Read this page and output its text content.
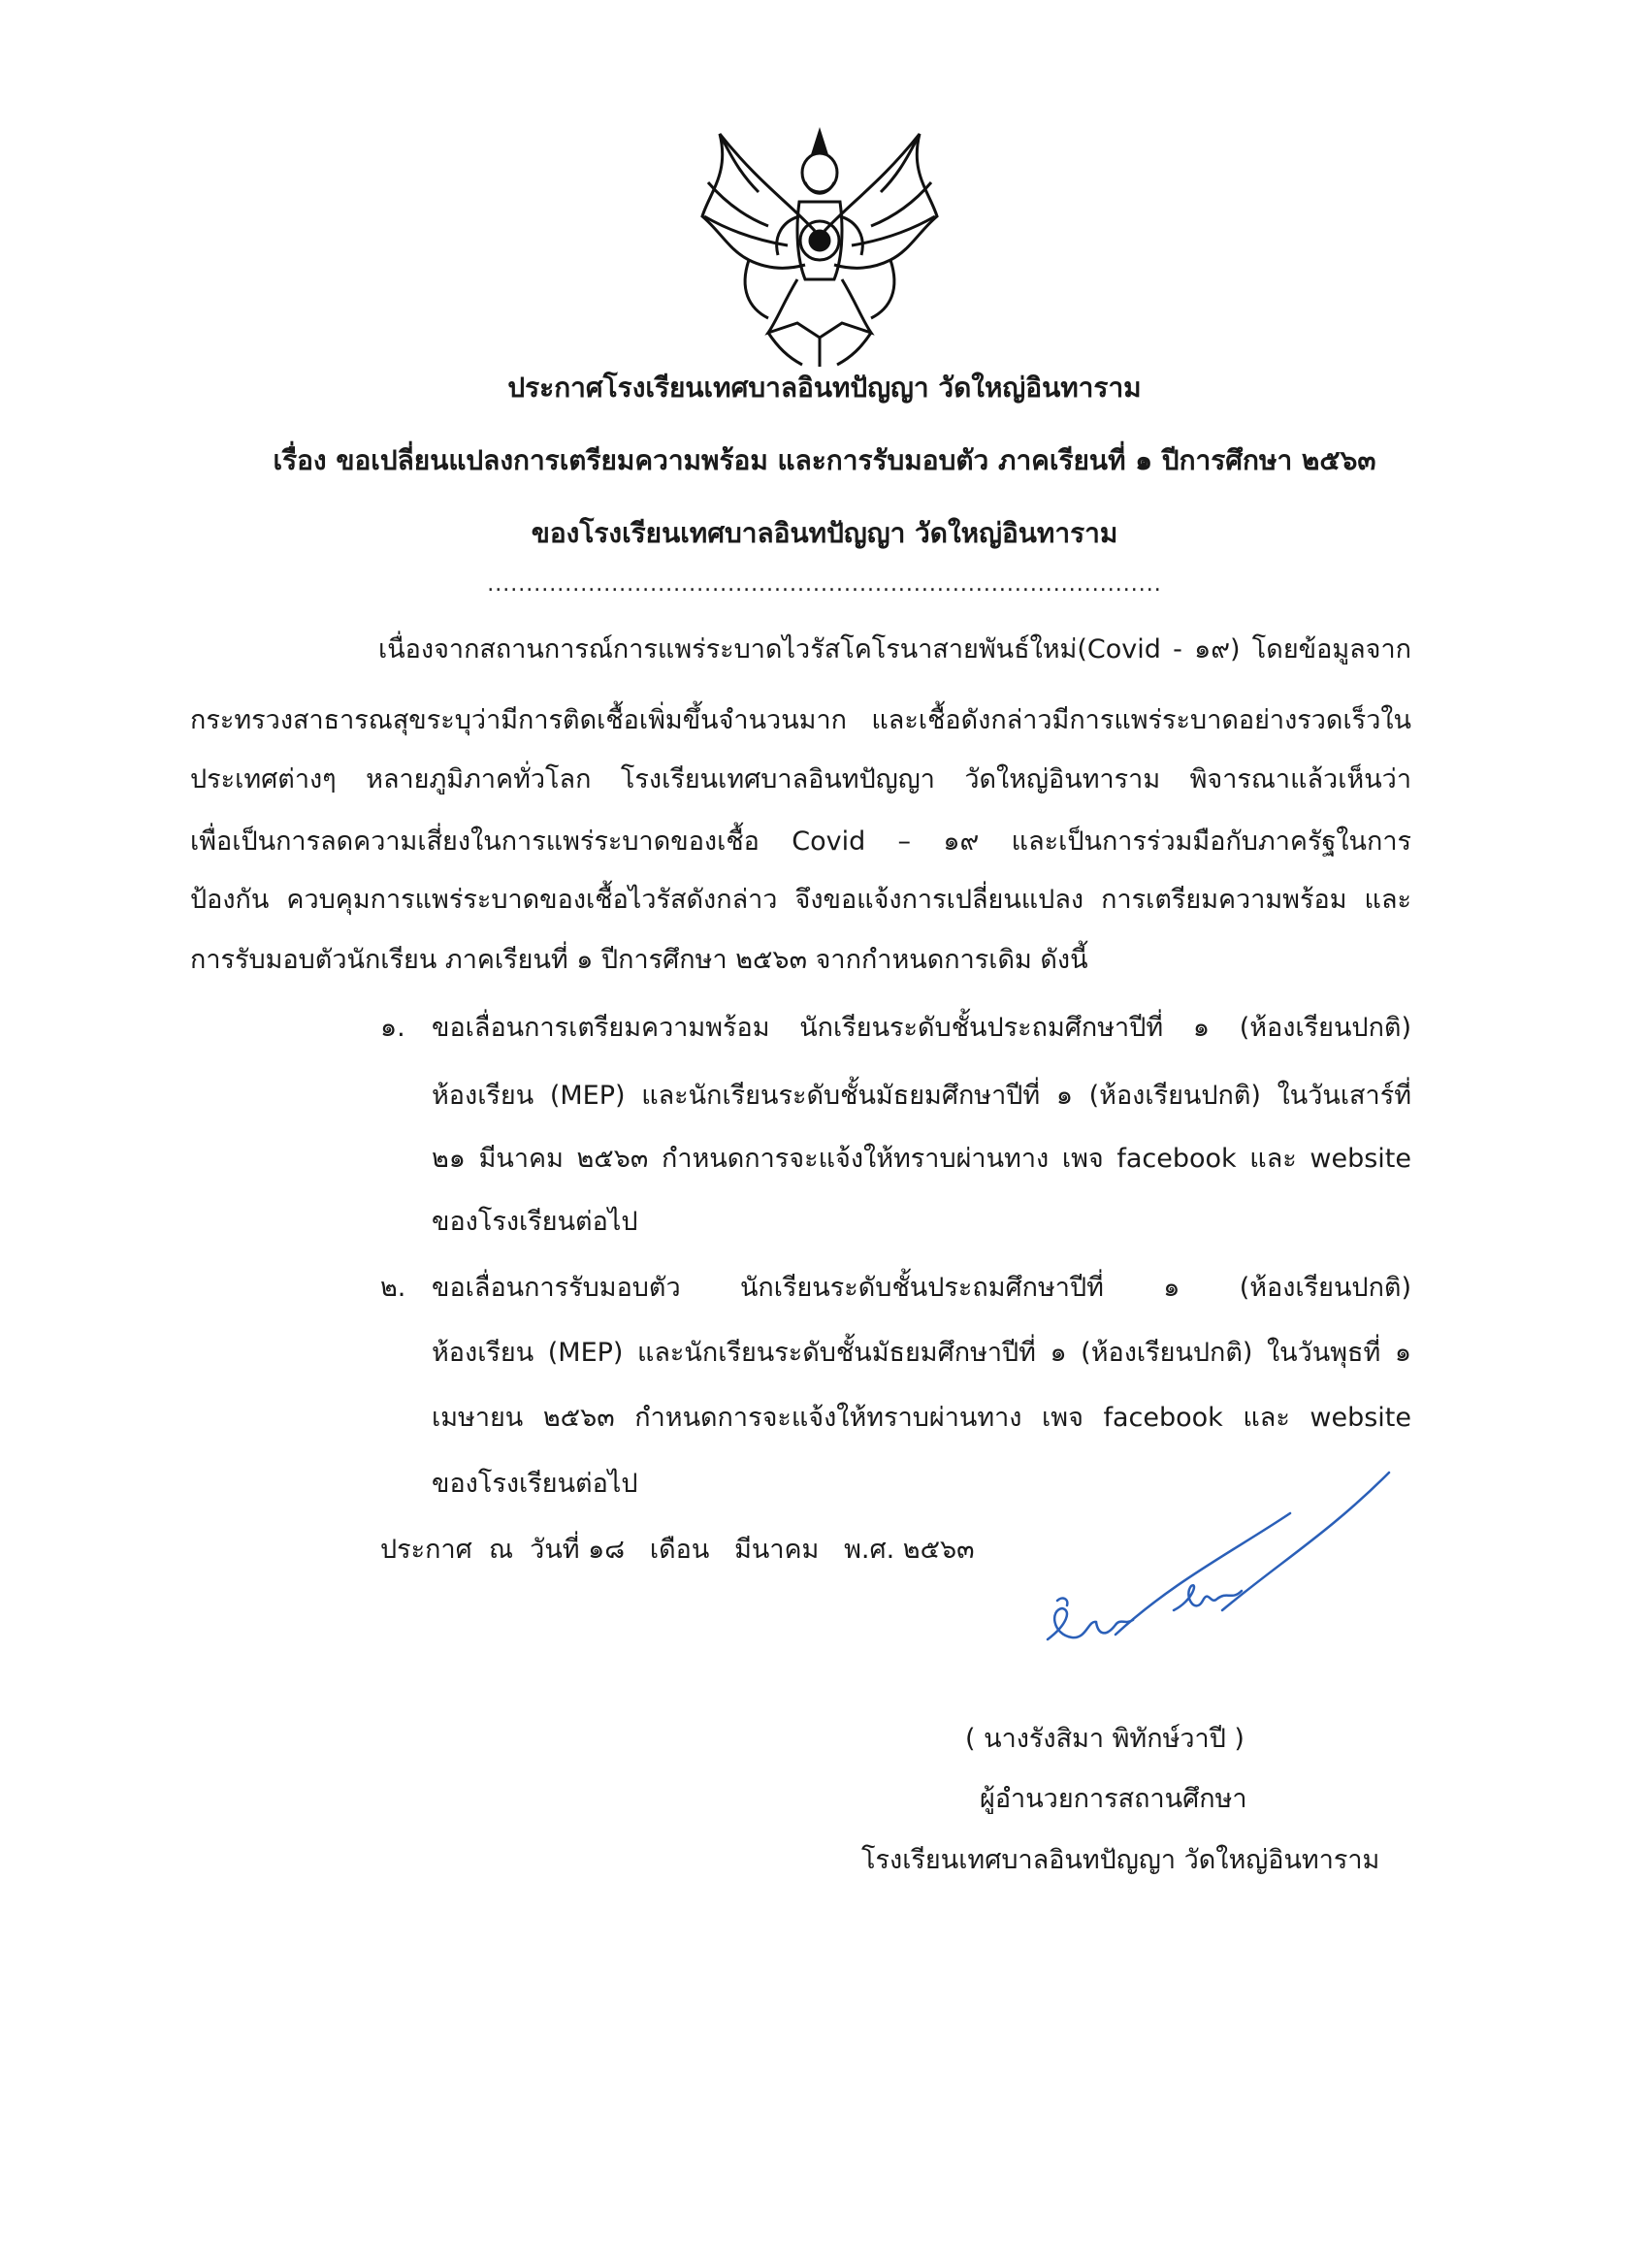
ประกาศโรงเรียนเทศบาลอินทปัญญา วัดใหญ่อินทาราม
เรื่อง ขอเปลี่ยนแปลงการเตรียมความพร้อม และการรับมอบตัว ภาคเรียนที่ ๑ ปีการศึกษา ๒๕๖๓
ของโรงเรียนเทศบาลอินทปัญญา วัดใหญ่อินทาราม
.......................................................................................
เนื่องจากสถานการณ์การแพร่ระบาดไวรัสโคโรนาสายพันธ์ใหม่(Covid - ๑๙) โดยข้อมูลจาก
กระทรวงสาธารณสุขระบุว่ามีการติดเชื้อเพิ่มขึ้นจำนวนมาก และเชื้อดังกล่าวมีการแพร่ระบาดอย่างรวดเร็วใน
ประเทศต่างๆ หลายภูมิภาคทั่วโลก โรงเรียนเทศบาลอินทปัญญา วัดใหญ่อินทาราม พิจารณาแล้วเห็นว่า
เพื่อเป็นการลดความเสี่ยงในการแพร่ระบาดของเชื้อ Covid – ๑๙ และเป็นการร่วมมือกับภาครัฐในการ
ป้องกัน ควบคุมการแพร่ระบาดของเชื้อไวรัสดังกล่าว จึงขอแจ้งการเปลี่ยนแปลง การเตรียมความพร้อม และ
การรับมอบตัวนักเรียน ภาคเรียนที่ ๑ ปีการศึกษา ๒๕๖๓ จากกำหนดการเดิม ดังนี้
๑. ขอเลื่อนการเตรียมความพร้อม นักเรียนระดับชั้นประถมศึกษาปีที่ ๑ (ห้องเรียนปกติ)
ห้องเรียน (MEP) และนักเรียนระดับชั้นมัธยมศึกษาปีที่ ๑ (ห้องเรียนปกติ) ในวันเสาร์ที่
๒๑ มีนาคม ๒๕๖๓ กำหนดการจะแจ้งให้ทราบผ่านทาง เพจ facebook และ website
ของโรงเรียนต่อไป
๒. ขอเลื่อนการรับมอบตัว นักเรียนระดับชั้นประถมศึกษาปีที่ ๑ (ห้องเรียนปกติ)
ห้องเรียน (MEP) และนักเรียนระดับชั้นมัธยมศึกษาปีที่ ๑ (ห้องเรียนปกติ) ในวันพุธที่ ๑
เมษายน ๒๕๖๓ กำหนดการจะแจ้งให้ทราบผ่านทาง เพจ facebook และ website
ของโรงเรียนต่อไป
ประกาศ  ณ  วันที่ ๑๘   เดือน   มีนาคม   พ.ศ. ๒๕๖๓
( นางรังสิมา พิทักษ์วาปี )
ผู้อำนวยการสถานศึกษา
โรงเรียนเทศบาลอินทปัญญา วัดใหญ่อินทาราม
